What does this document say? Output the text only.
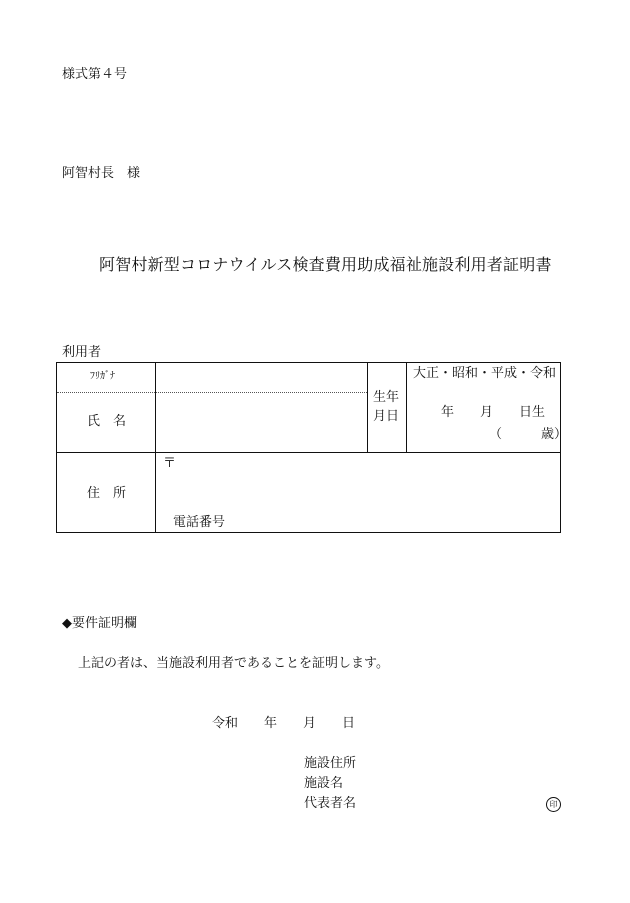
様式第４号
阿智村長　様
阿智村新型コロナウイルス検査費用助成福祉施設利用者証明書
利用者
ﾌﾘｶﾞﾅ
氏　名
生年
月日
大正・昭和・平成・令和
年　　月　　日生
（　　　歳）
住　所
〒
電話番号
◆要件証明欄
上記の者は、当施設利用者であることを証明します。
令和　　年　　月　　日
施設住所
施設名
代表者名	印
